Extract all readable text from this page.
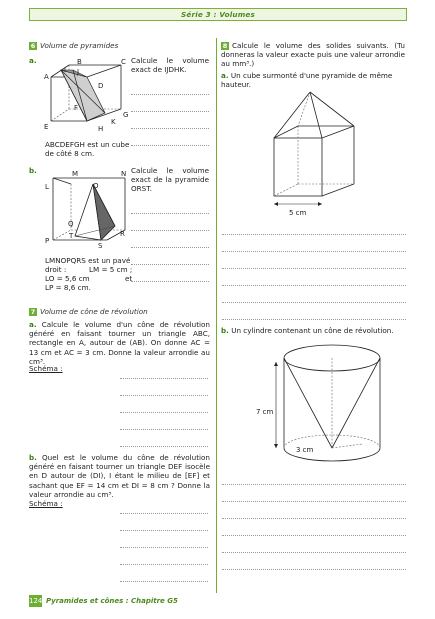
Série 3 : Volumes
6 Volume de pyramides
a.
A
B	C
D
E
F
G
H
I J
K
Calcule le volume exact de IJDHK.
ABCDEFGH est un cube de côté 8 cm.
b.
L
M	N
O
P
Q
R
S
T
Calcule le volume exact de la pyramide ORST.
LMNOPQRS est un pavé
droit :	LM = 5 cm ;
LO = 5,6 cm	et
LP = 8,6 cm.
7 Volume de cône de révolution
a. Calcule le volume d'un cône de révolution généré en faisant tourner un triangle ABC, rectangle en A, autour de (AB). On donne AC = 13 cm et AC = 3 cm. Donne la valeur arrondie au cm³.
Schéma :
b. Quel est le volume du cône de révolution généré en faisant tourner un triangle DEF isocèle en D autour de (DI), I étant le milieu de [EF] et sachant que EF = 14 cm et DI = 8 cm ? Donne la valeur arrondie au cm³.
Schéma :
8 Calcule le volume des solides suivants. (Tu donneras la valeur exacte puis une valeur arrondie au mm³.)
a. Un cube surmonté d'une pyramide de même hauteur.
5 cm
b. Un cylindre contenant un cône de révolution.
7 cm
3 cm
124 Pyramides et cônes : Chapitre G5
